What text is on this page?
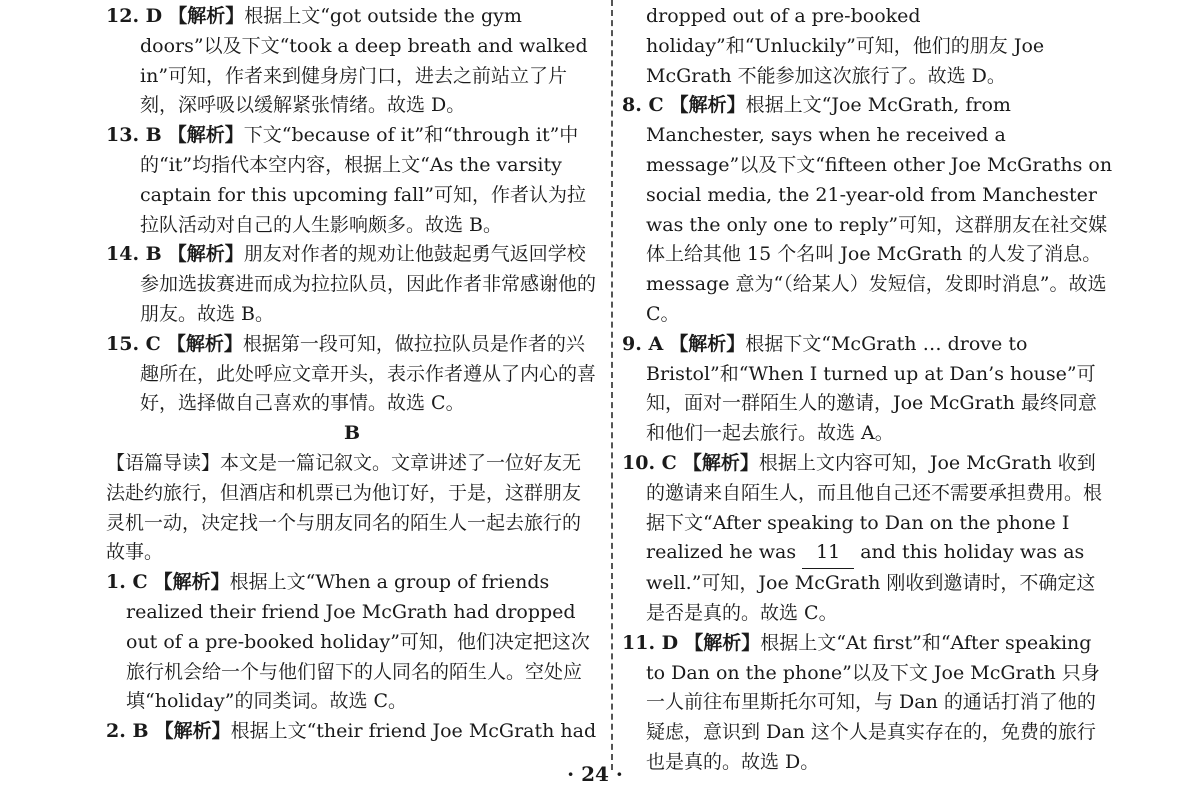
12. D 【解析】根据上文“got outside the gym doors”以及下文“took a deep breath and walked in”可知，作者来到健身房门口，进去之前站立了片刻，深呼吸以缓解紧张情绪。故选 D。

13. B 【解析】下文“because of it”和“through it”中的“it”均指代本空内容，根据上文“As the varsity captain for this upcoming fall”可知，作者认为拉拉队活动对自己的人生影响颇多。故选 B。

14. B 【解析】朋友对作者的规劝让他鼓起勇气返回学校参加选拔赛进而成为拉拉队员，因此作者非常感谢他的朋友。故选 B。

15. C 【解析】根据第一段可知，做拉拉队员是作者的兴趣所在，此处呼应文章开头，表示作者遵从了内心的喜好，选择做自己喜欢的事情。故选 C。

B

【语篇导读】本文是一篇记叙文。文章讲述了一位好友无法赴约旅行，但酒店和机票已为他订好，于是，这群朋友灵机一动，决定找一个与朋友同名的陌生人一起去旅行的故事。

1. C 【解析】根据上文“When a group of friends realized their friend Joe McGrath had dropped out of a pre-booked holiday”可知，他们决定把这次旅行机会给一个与他们留下的人同名的陌生人。空处应填“holiday”的同类词。故选 C。

2. B 【解析】根据上文“their friend Joe McGrath had

dropped out of a pre-booked holiday”和“Unluckily”可知，他们的朋友 Joe McGrath 不能参加这次旅行了。故选 D。

8. C 【解析】根据上文“Joe McGrath, from Manchester, says when he received a message”以及下文“fifteen other Joe McGraths on social media, the 21-year-old from Manchester was the only one to reply”可知，这群朋友在社交媒体上给其他 15 个名叫 Joe McGrath 的人发了消息。message 意为“（给某人）发短信，发即时消息”。故选 C。

9. A 【解析】根据下文“McGrath … drove to Bristol”和“When I turned up at Dan’s house”可知，面对一群陌生人的邀请，Joe McGrath 最终同意和他们一起去旅行。故选 A。

10. C 【解析】根据上文内容可知，Joe McGrath 收到的邀请来自陌生人，而且他自己还不需要承担费用。根据下文“After speaking to Dan on the phone I realized he was 11 and this holiday was as well.”可知，Joe McGrath 刚收到邀请时，不确定这是否是真的。故选 C。

11. D 【解析】根据上文“At first”和“After speaking to Dan on the phone”以及下文 Joe McGrath 只身一人前往布里斯托尔可知，与 Dan 的通话打消了他的疑虑，意识到 Dan 这个人是真实存在的，免费的旅行也是真的。故选 D。

· 24 ·
